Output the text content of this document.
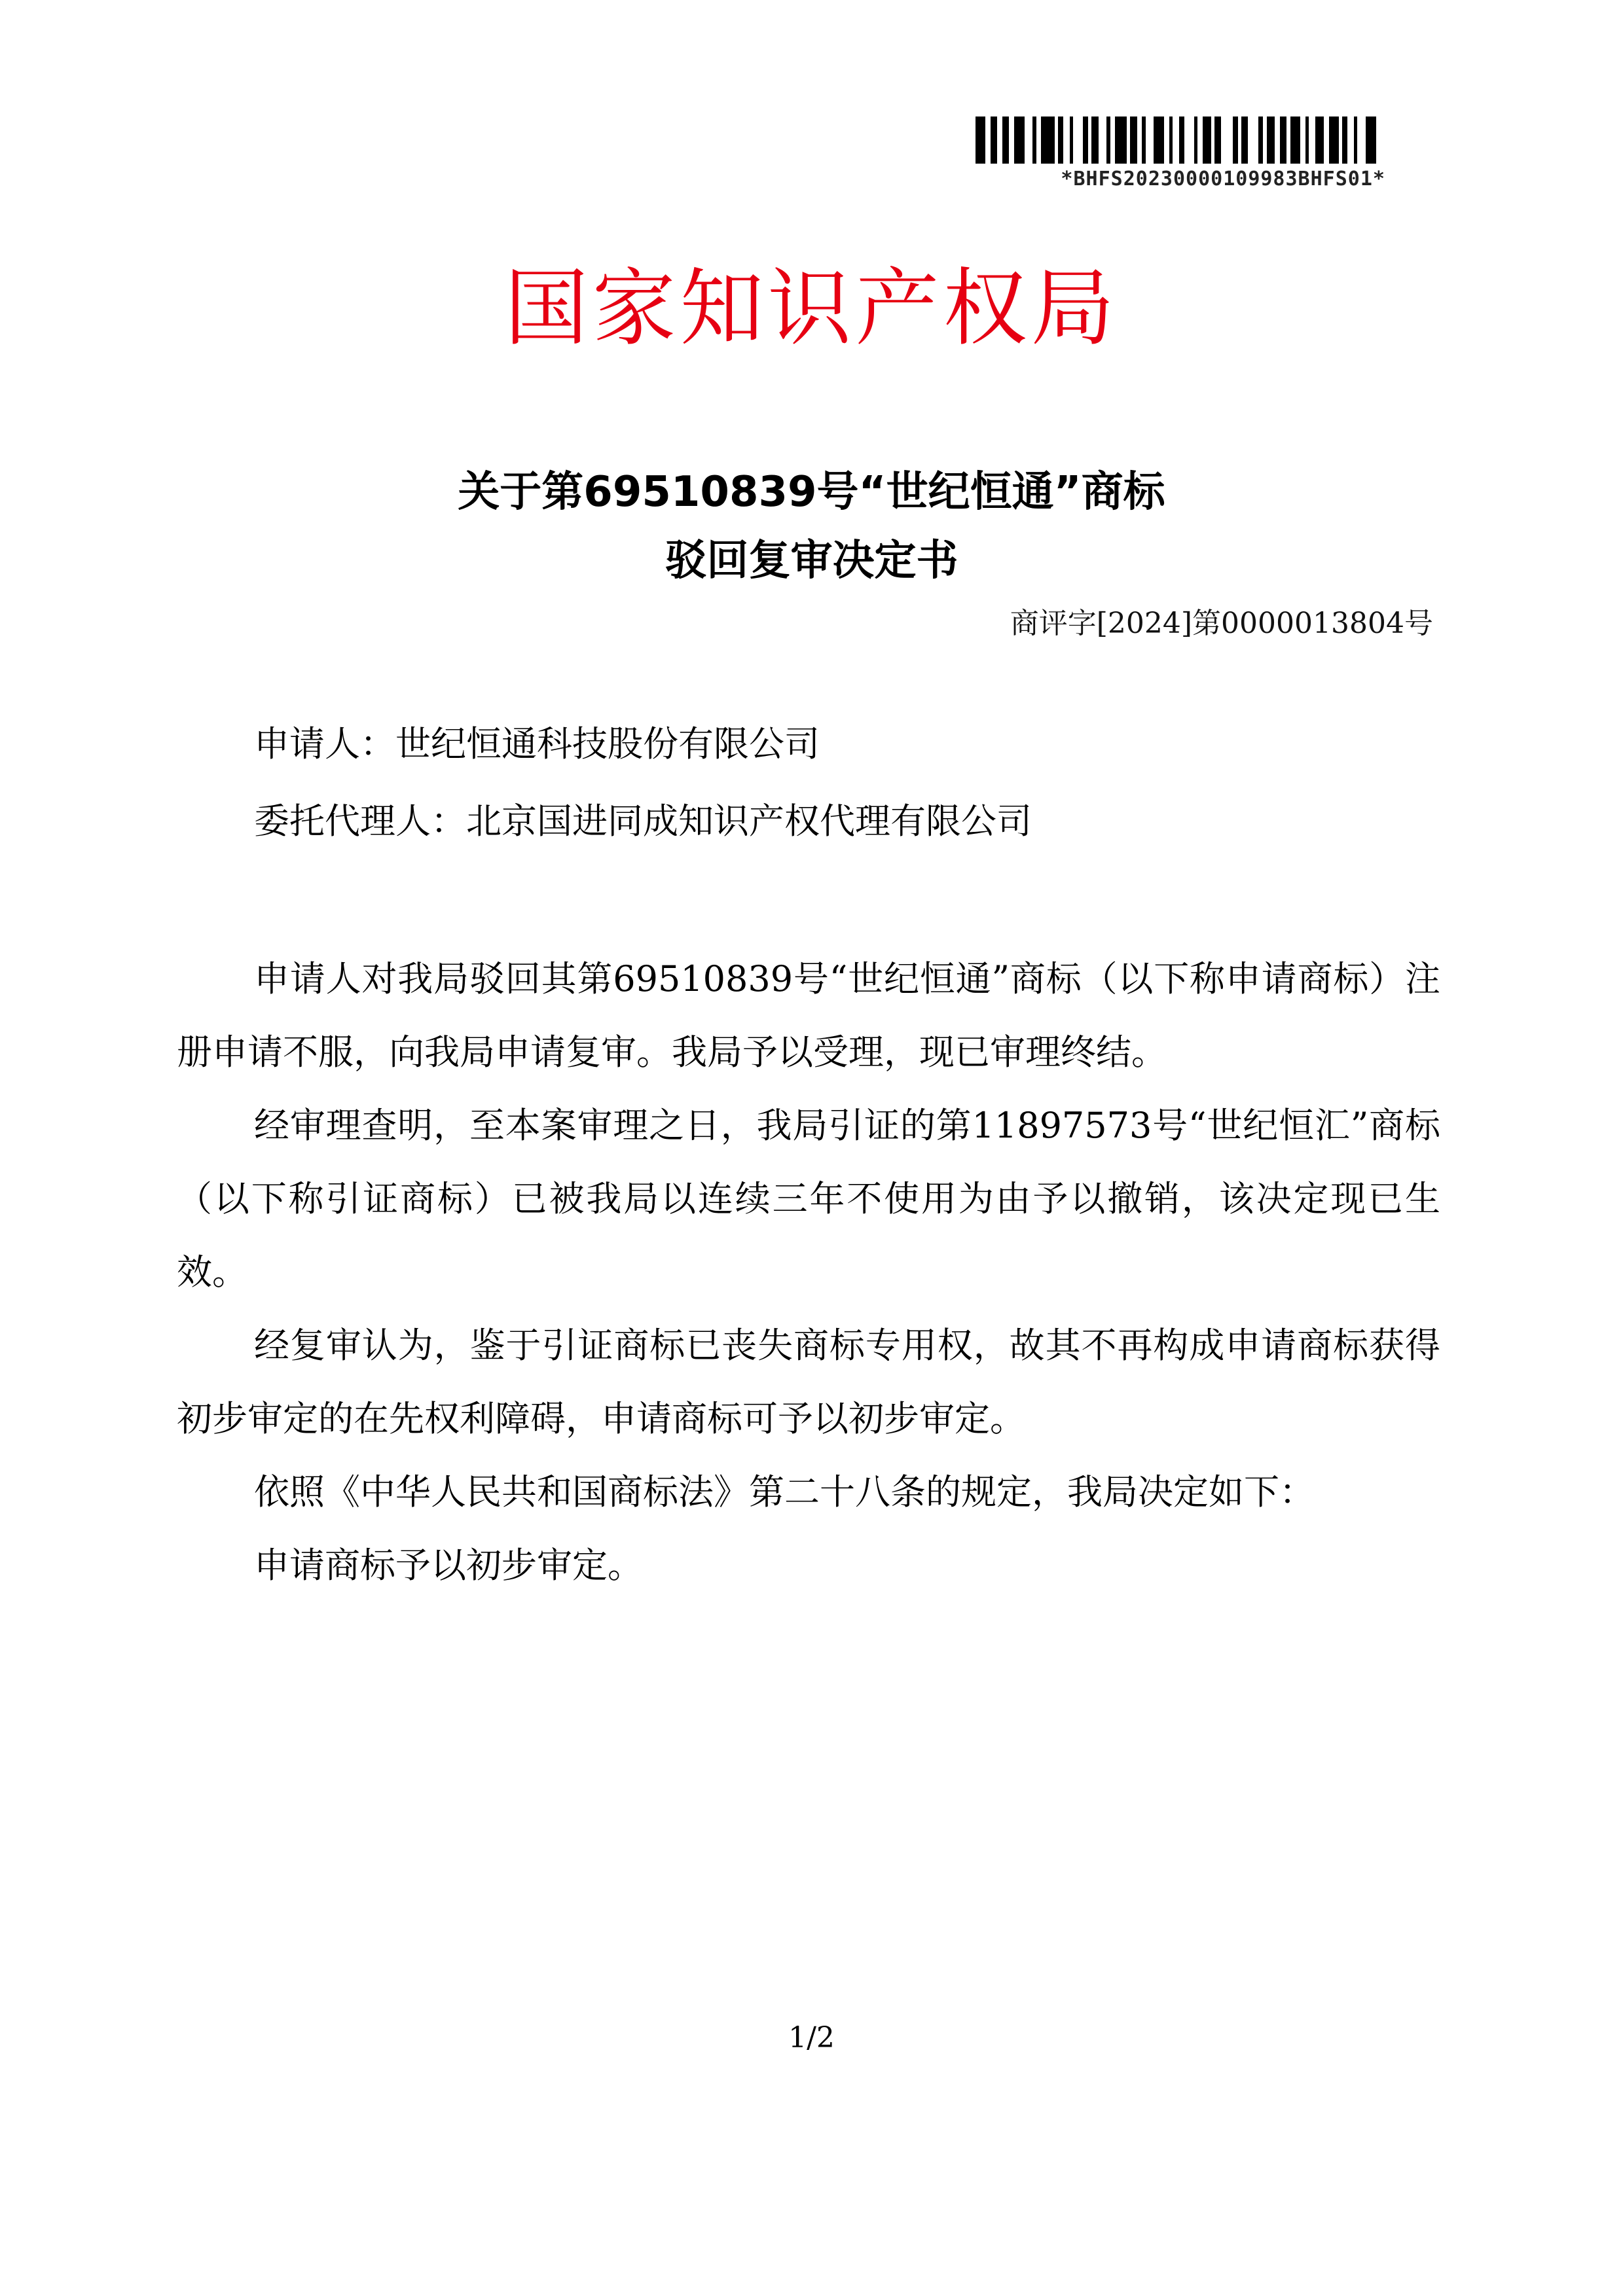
*BHFS20230000109983BHFS01*
国家知识产权局
关于第69510839号“世纪恒通”商标
驳回复审决定书
商评字[2024]第0000013804号
申请人：世纪恒通科技股份有限公司
委托代理人：北京国进同成知识产权代理有限公司

申请人对我局驳回其第69510839号“世纪恒通”商标（以下称申请商标）注册申请不服，向我局申请复审。我局予以受理，现已审理终结。

经审理查明，至本案审理之日，我局引证的第11897573号“世纪恒汇”商标（以下称引证商标）已被我局以连续三年不使用为由予以撤销，该决定现已生效。

经复审认为，鉴于引证商标已丧失商标专用权，故其不再构成申请商标获得初步审定的在先权利障碍，申请商标可予以初步审定。

依照《中华人民共和国商标法》第二十八条的规定，我局决定如下：

申请商标予以初步审定。

1/2
